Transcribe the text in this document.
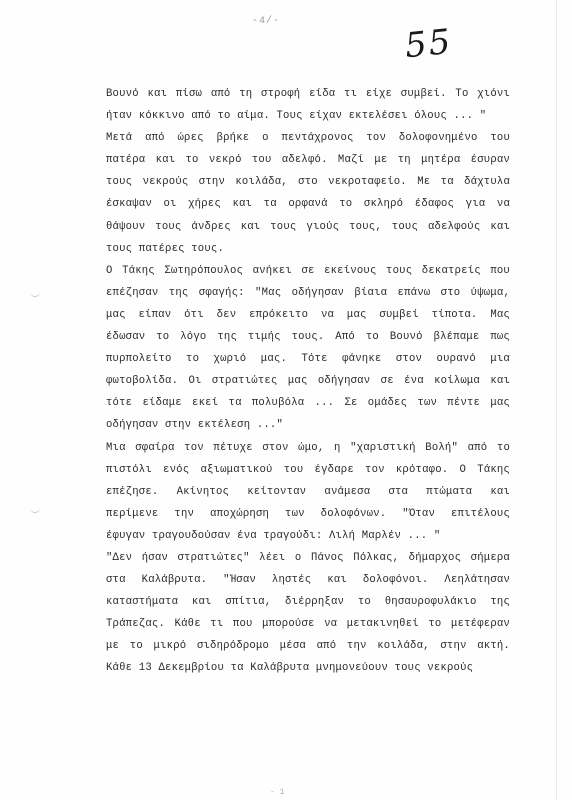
-4/-
55
Βουνό και πίσω από τη στροφή είδα τι είχε συμβεί. Το χιόνι
ήταν κόκκινο από το αίμα. Τους είχαν εκτελέσει όλους ... "
Μετά από ώρες βρήκε ο πεντάχρονος τον δολοφονημένο του
πατέρα και το νεκρό του αδελφό. Μαζί με τη μητέρα έσυραν
τους νεκρούς στην κοιλάδα, στο νεκροταφείο. Με τα δάχτυλα
έσκαψαν οι χήρες και τα ορφανά το σκληρό έδαφος για να
θάψουν τους άνδρες και τους γιούς τους, τους αδελφούς και
τους πατέρες τους.
Ο Τάκης Σωτηρόπουλος ανήκει σε εκείνους τους δεκατρείς που
επέζησαν της σφαγής: "Μας οδήγησαν βίαια επάνω στο ύψωμα,
μας είπαν ότι δεν επρόκειτο να μας συμβεί τίποτα. Μας
έδωσαν το λόγο της τιμής τους. Από το Βουνό βλέπαμε πως
πυρπολείτο το χωριό μας. Τότε φάνηκε στον ουρανό μια
φωτοβολίδα. Οι στρατιώτες μας οδήγησαν σε ένα κοίλωμα και
τότε είδαμε εκεί τα πολυβόλα ... Σε ομάδες των πέντε μας
οδήγησαν στην εκτέλεση ..."
Μια σφαίρα τον πέτυχε στον ώμο, η "χαριστική Βολή" από το
πιστόλι ενός αξιωματικού του έγδαρε τον κρόταφο. Ο Τάκης
επέζησε. Ακίνητος κείτονταν ανάμεσα στα πτώματα και
περίμενε την αποχώρηση των δολοφόνων. "Όταν επιτέλους
έφυγαν τραγουδούσαν ένα τραγούδι: Λιλή Μαρλέν ... "
"Δεν ήσαν στρατιώτες" λέει ο Πάνος Πόλκας, δήμαρχος σήμερα
στα Καλάβρυτα. "Ήσαν ληστές και δολοφόνοι. Λεηλάτησαν
καταστήματα και σπίτια, διέρρηξαν το θησαυροφυλάκιο της
Τράπεζας. Κάθε τι που μπορούσε να μετακινηθεί το μετέφεραν
με το μικρό σιδηρόδρομο μέσα από την κοιλάδα, στην ακτή.
Κάθε 13 Δεκεμβρίου τα Καλάβρυτα μνημονεύουν τους νεκρούς
- 1
